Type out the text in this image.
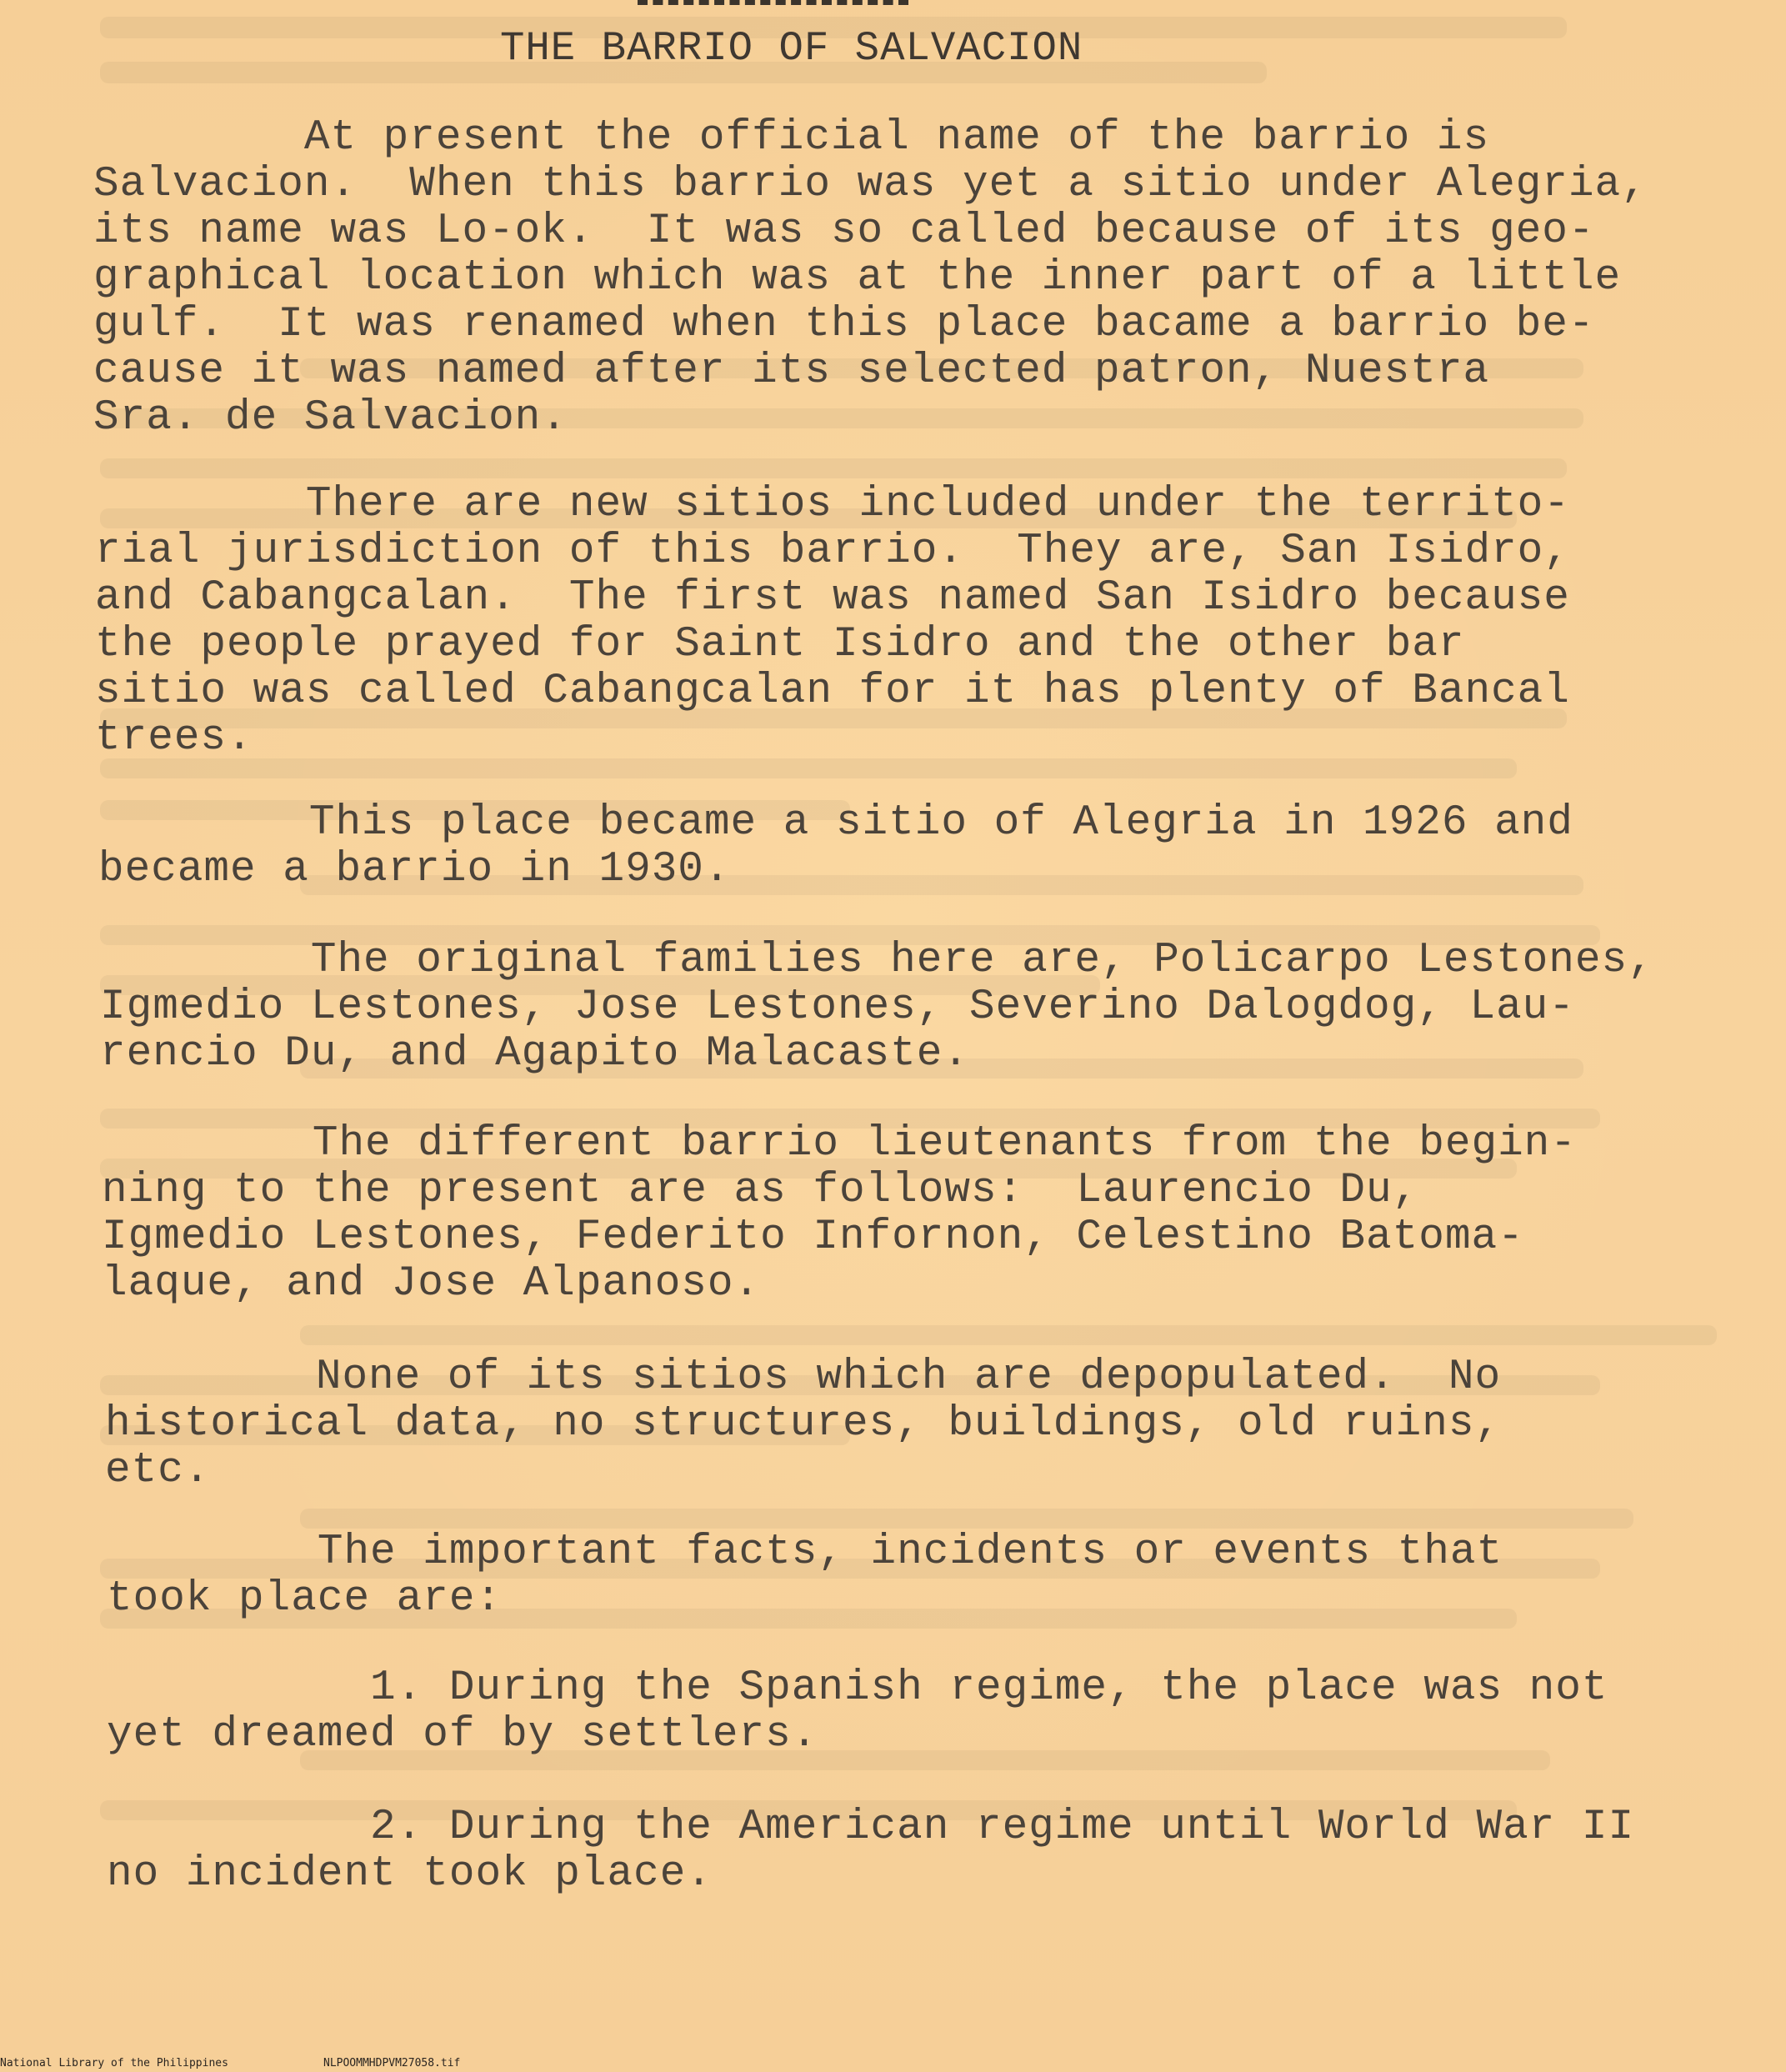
THE BARRIO OF SALVACION
At present the official name of the barrio is
Salvacion.  When this barrio was yet a sitio under Alegria,
its name was Lo-ok.  It was so called because of its geo-
graphical location which was at the inner part of a little
gulf.  It was renamed when this place bacame a barrio be-
cause it was named after its selected patron, Nuestra
Sra. de Salvacion.
There are new sitios included under the territo-
rial jurisdiction of this barrio.  They are, San Isidro,
and Cabangcalan.  The first was named San Isidro because
the people prayed for Saint Isidro and the other bar
sitio was called Cabangcalan for it has plenty of Bancal
trees.
This place became a sitio of Alegria in 1926 and
became a barrio in 1930.
The original families here are, Policarpo Lestones,
Igmedio Lestones, Jose Lestones, Severino Dalogdog, Lau-
rencio Du, and Agapito Malacaste.
The different barrio lieutenants from the begin-
ning to the present are as follows:  Laurencio Du,
Igmedio Lestones, Federito Infornon, Celestino Batoma-
laque, and Jose Alpanoso.
None of its sitios which are depopulated.  No
historical data, no structures, buildings, old ruins,
etc.
The important facts, incidents or events that
took place are:
1. During the Spanish regime, the place was not
yet dreamed of by settlers.
2. During the American regime until World War II
no incident took place.
National Library of the Philippines	NLPOOMMHDPVM27058.tif
